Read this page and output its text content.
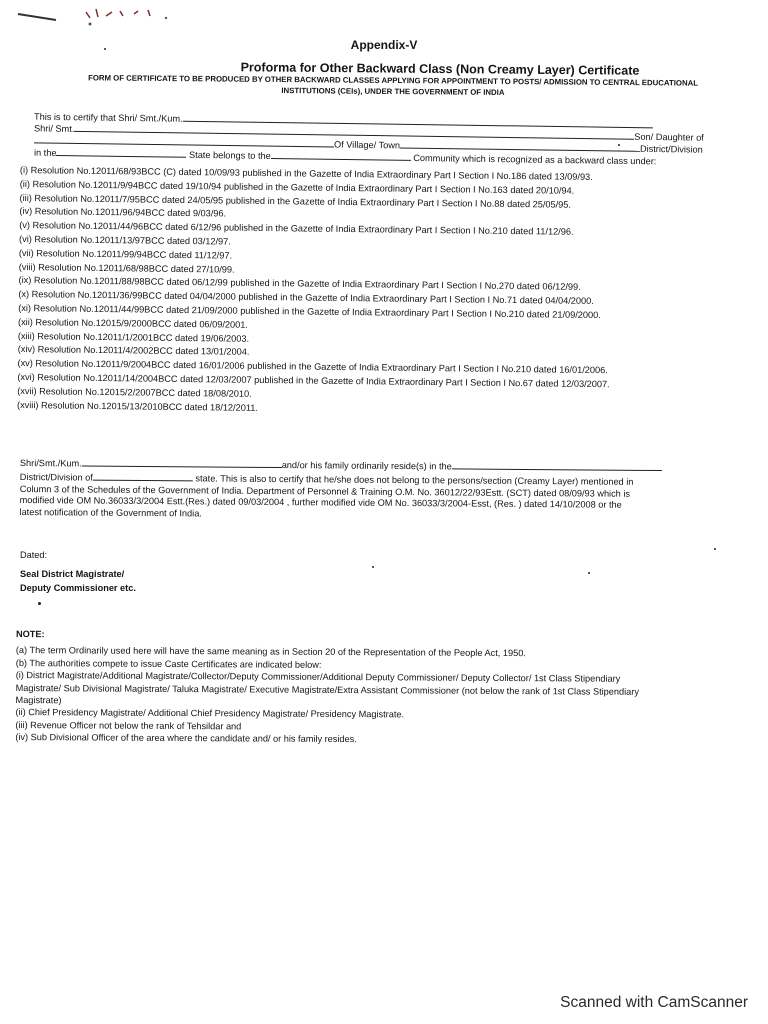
Appendix-V
Proforma for Other Backward Class (Non Creamy Layer) Certificate
FORM OF CERTIFICATE TO BE PRODUCED BY OTHER BACKWARD CLASSES APPLYING FOR APPOINTMENT TO POSTS/ ADMISSION TO CENTRAL EDUCATIONAL
INSTITUTIONS (CEIs), UNDER THE GOVERNMENT OF INDIA
This is to certify that Shri/ Smt./Kum.
Shri/ Smt.Son/ Daughter of
Of Village/ Town	District/Division
in the	State belongs to the	Community which is recognized as a backward class under:
(i) Resolution No.12011/68/93BCC (C) dated 10/09/93 published in the Gazette of India Extraordinary Part I Section I No.186 dated 13/09/93.
(ii) Resolution No.12011/9/94BCC dated 19/10/94 published in the Gazette of India Extraordinary Part I Section I No.163 dated 20/10/94.
(iii) Resolution No.12011/7/95BCC dated 24/05/95 published in the Gazette of India Extraordinary Part I Section I No.88 dated 25/05/95.
(iv) Resolution No.12011/96/94BCC dated 9/03/96.
(v) Resolution No.12011/44/96BCC dated 6/12/96 published in the Gazette of India Extraordinary Part I Section I No.210 dated 11/12/96.
(vi) Resolution No.12011/13/97BCC dated 03/12/97.
(vii) Resolution No.12011/99/94BCC dated 11/12/97.
(viii) Resolution No.12011/68/98BCC dated 27/10/99.
(ix) Resolution No.12011/88/98BCC dated 06/12/99 published in the Gazette of India Extraordinary Part I Section I No.270 dated 06/12/99.
(x) Resolution No.12011/36/99BCC dated 04/04/2000 published in the Gazette of India Extraordinary Part I Section I No.71 dated 04/04/2000.
(xi) Resolution No.12011/44/99BCC dated 21/09/2000 published in the Gazette of India Extraordinary Part I Section I No.210 dated 21/09/2000.
(xii) Resolution No.12015/9/2000BCC dated 06/09/2001.
(xiii) Resolution No.12011/1/2001BCC dated 19/06/2003.
(xiv) Resolution No.12011/4/2002BCC dated 13/01/2004.
(xv) Resolution No.12011/9/2004BCC dated 16/01/2006 published in the Gazette of India Extraordinary Part I Section I No.210 dated 16/01/2006.
(xvi) Resolution No.12011/14/2004BCC dated 12/03/2007 published in the Gazette of India Extraordinary Part I Section I No.67 dated 12/03/2007.
(xvii) Resolution No.12015/2/2007BCC dated 18/08/2010.
(xviii) Resolution No.12015/13/2010BCC dated 18/12/2011.
Shri/Smt./Kum.	and/or his family ordinarily reside(s) in the
District/Division of	state. This is also to certify that he/she does not belong to the persons/section (Creamy Layer) mentioned in
Column 3 of the Schedules of the Government of India. Department of Personnel & Training O.M. No. 36012/22/93Estt. (SCT) dated 08/09/93 which is
modified vide OM No.36033/3/2004 Estt.(Res.) dated 09/03/2004 , further modified vide OM No. 36033/3/2004-Esst, (Res. ) dated 14/10/2008 or the
latest notification of the Government of India.
Dated:
Seal District Magistrate/
Deputy Commissioner etc.
NOTE:
(a) The term Ordinarily used here will have the same meaning as in Section 20 of the Representation of the People Act, 1950.
(b) The authorities compete to issue Caste Certificates are indicated below:
(i) District Magistrate/Additional Magistrate/Collector/Deputy Commissioner/Additional Deputy Commissioner/ Deputy Collector/ 1st Class Stipendiary
Magistrate/ Sub Divisional Magistrate/ Taluka Magistrate/ Executive Magistrate/Extra Assistant Commissioner (not below the rank of 1st Class Stipendiary
Magistrate)
(ii) Chief Presidency Magistrate/ Additional Chief Presidency Magistrate/ Presidency Magistrate.
(iii) Revenue Officer not below the rank of Tehsildar and
(iv) Sub Divisional Officer of the area where the candidate and/ or his family resides.
Scanned with CamScanner
